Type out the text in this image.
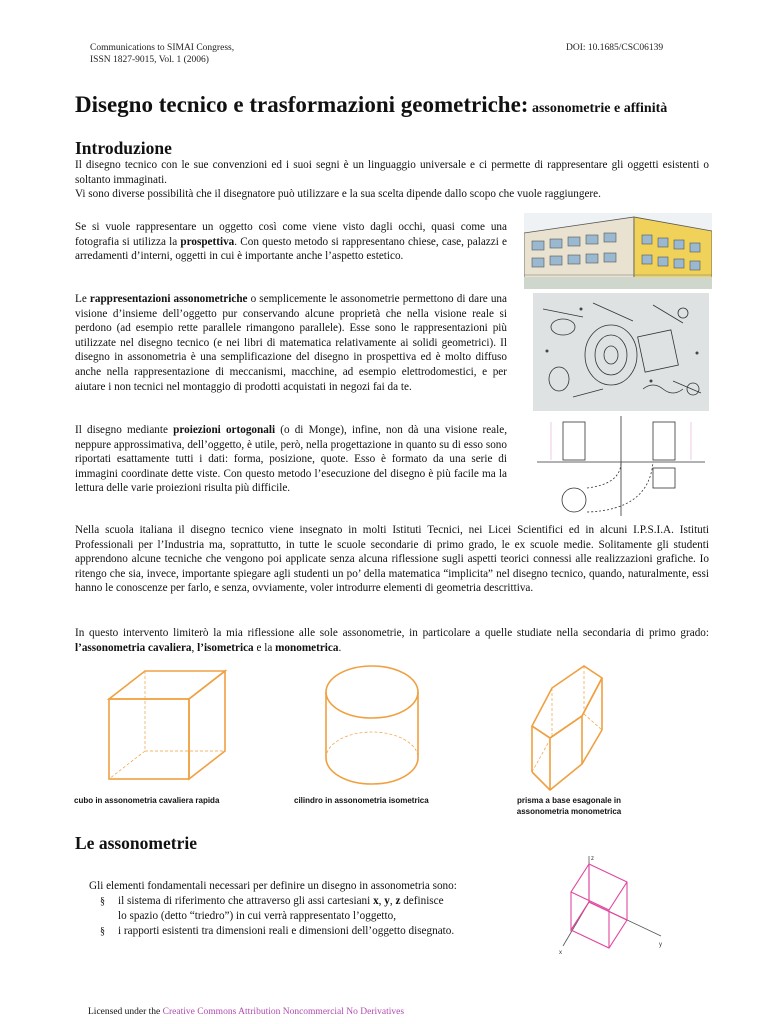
Communications to SIMAI Congress,
ISSN 1827-9015, Vol. 1 (2006)
DOI: 10.1685/CSC06139
Disegno tecnico e trasformazioni geometriche: assonometrie e affinità
Introduzione

Il disegno tecnico con le sue convenzioni ed i suoi segni è un linguaggio universale e ci permette di rappresentare gli oggetti esistenti o soltanto immaginati.

Vi sono diverse possibilità che il disegnatore può utilizzare e la sua scelta dipende dallo scopo che vuole raggiungere.

Se si vuole rappresentare un oggetto così come viene visto dagli occhi, quasi come una fotografia si utilizza la prospettiva. Con questo metodo si rappresentano chiese, case, palazzi e arredamenti d’interni, oggetti in cui è importante anche l’aspetto estetico.

Le rappresentazioni assonometriche o semplicemente le assonometrie permettono di dare una visione d’insieme dell’oggetto pur conservando alcune proprietà che nella visione reale si perdono (ad esempio rette parallele rimangono parallele). Esse sono le rappresentazioni più utilizzate nel disegno tecnico (e nei libri di matematica relativamente ai solidi geometrici). Il disegno in assonometria è una semplificazione del disegno in prospettiva ed è molto diffuso anche nella rappresentazione di meccanismi, macchine, ad esempio elettrodomestici, e per aiutare i non tecnici nel montaggio di prodotti acquistati in negozi fai da te.

Il disegno mediante proiezioni ortogonali (o di Monge), infine, non dà una visione reale, neppure approssimativa, dell’oggetto, è utile, però, nella progettazione in quanto su di esso sono riportati esattamente tutti i dati: forma, posizione, quote. Esso è formato da una serie di immagini coordinate dette viste. Con questo metodo l’esecuzione del disegno è più facile ma la lettura delle varie proiezioni risulta più difficile.

Nella scuola italiana il disegno tecnico viene insegnato in molti Istituti Tecnici, nei Licei Scientifici ed in alcuni I.P.S.I.A. Istituti Professionali per l’Industria ma, soprattutto, in tutte le scuole secondarie di primo grado, le ex scuole medie. Solitamente gli studenti apprendono alcune tecniche che vengono poi applicate senza alcuna riflessione sugli aspetti teorici connessi alle realizzazioni grafiche. Io ritengo che sia, invece, importante spiegare agli studenti un po’ della matematica “implicita” nel disegno tecnico, quando, naturalmente, essi hanno le conoscenze per farlo, e senza, ovviamente, voler introdurre elementi di geometria descrittiva.

In questo intervento limiterò la mia riflessione alle sole assonometrie, in particolare a quelle studiate nella secondaria di primo grado: l’assonometria cavaliera, l’isometrica e la monometrica.

cubo in assonometria cavaliera rapida	cilindro in assonometria isometrica	prisma a base esagonale in
assonometria monometrica
Le assonometrie
Gli elementi fondamentali necessari per definire un disegno in assonometria sono:
§ il sistema di riferimento che attraverso gli assi cartesiani x, y, z definisce
lo spazio (detto “triedro”) in cui verrà rappresentato l’oggetto,
§ i rapporti esistenti tra dimensioni reali e dimensioni dell’oggetto disegnato.
z
x
y
Licensed under the Creative Commons Attribution Noncommercial No Derivatives
